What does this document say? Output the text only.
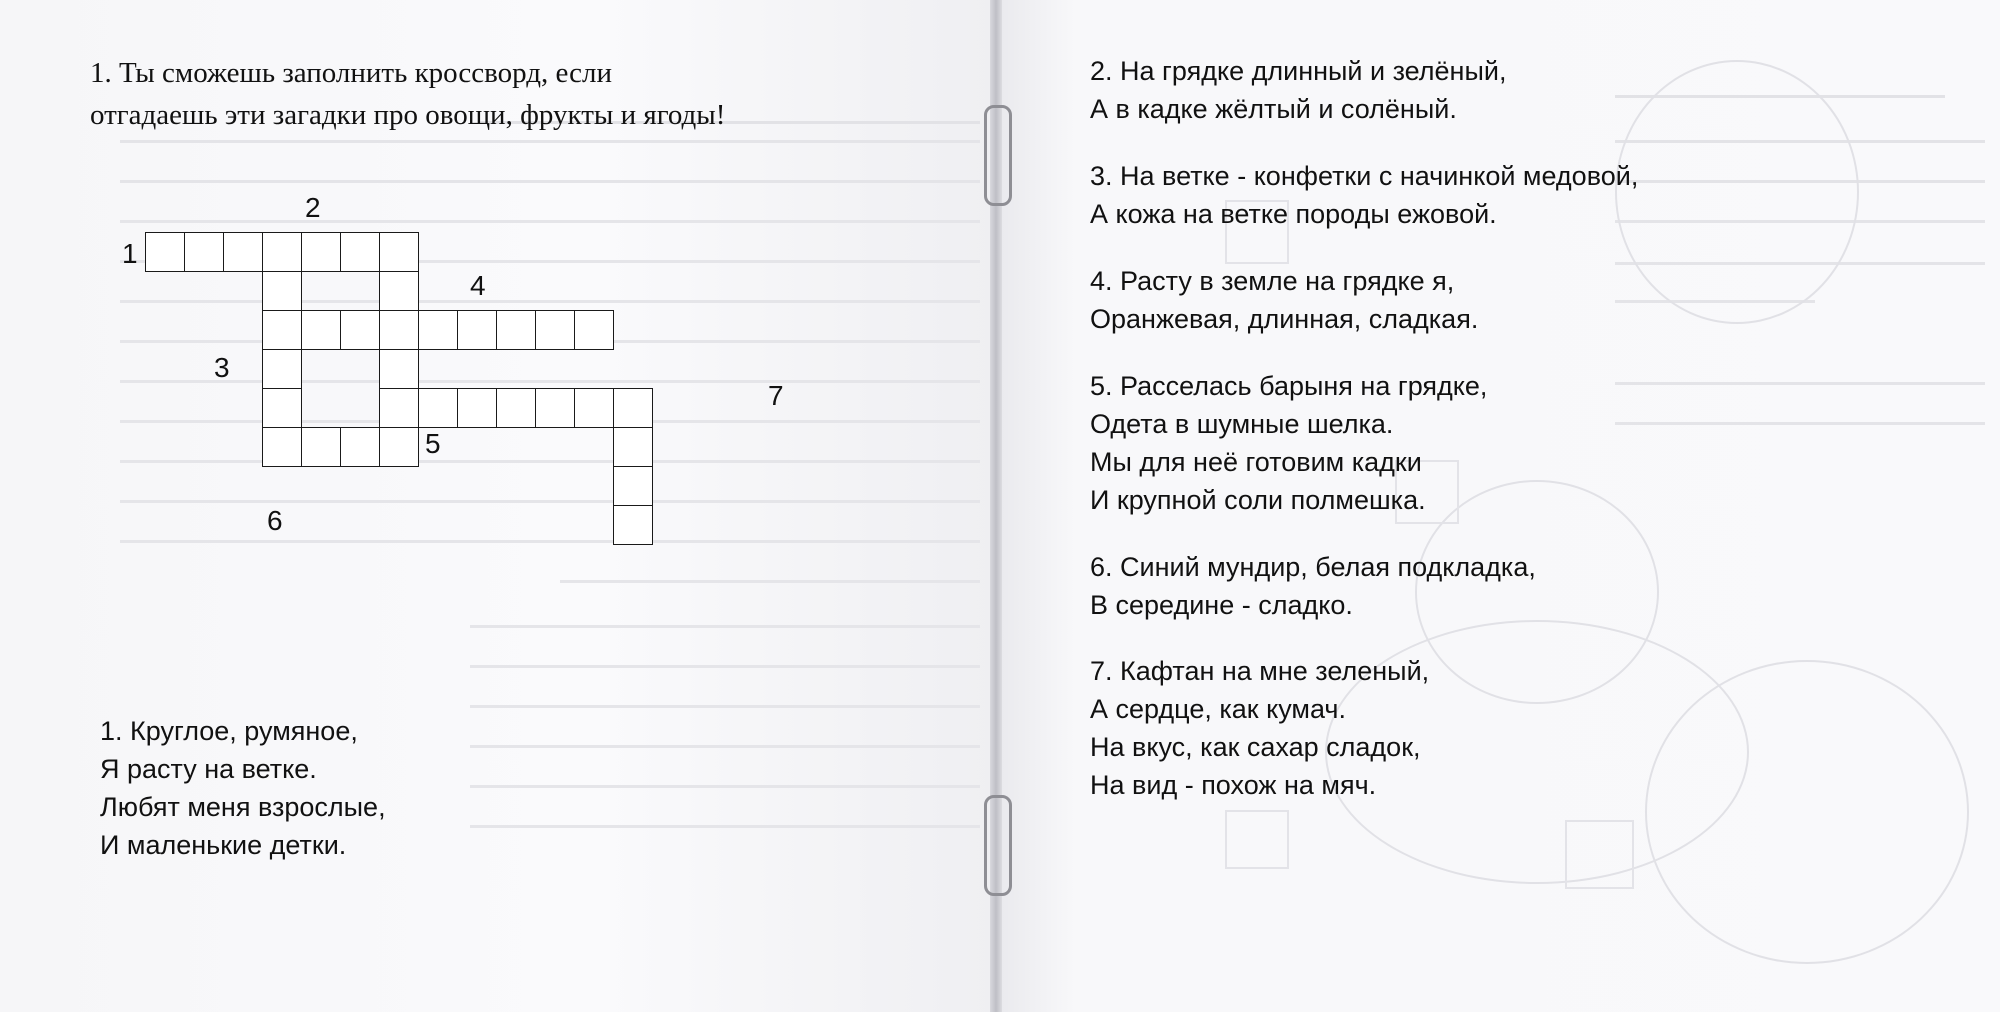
1. Ты сможешь заполнить кроссворд, если
отгадаешь эти загадки про овощи, фрукты и ягоды!
1
2
3
4
5
6
7
1. Круглое, румяное,
Я расту на ветке.
Любят меня взрослые,
И маленькие детки.
2. На грядке длинный и зелёный,
А в кадке жёлтый и солёный.
3. На ветке - конфетки с начинкой медовой,
А кожа на ветке породы ежовой.
4. Расту в земле на грядке я,
Оранжевая, длинная, сладкая.
5. Расселась барыня на грядке,
Одета в шумные шелка.
Мы для неё готовим кадки
И крупной соли полмешка.
6. Синий мундир, белая подкладка,
В середине - сладко.
7. Кафтан на мне зеленый,
А сердце, как кумач.
На вкус, как сахар сладок,
На вид - похож на мяч.
